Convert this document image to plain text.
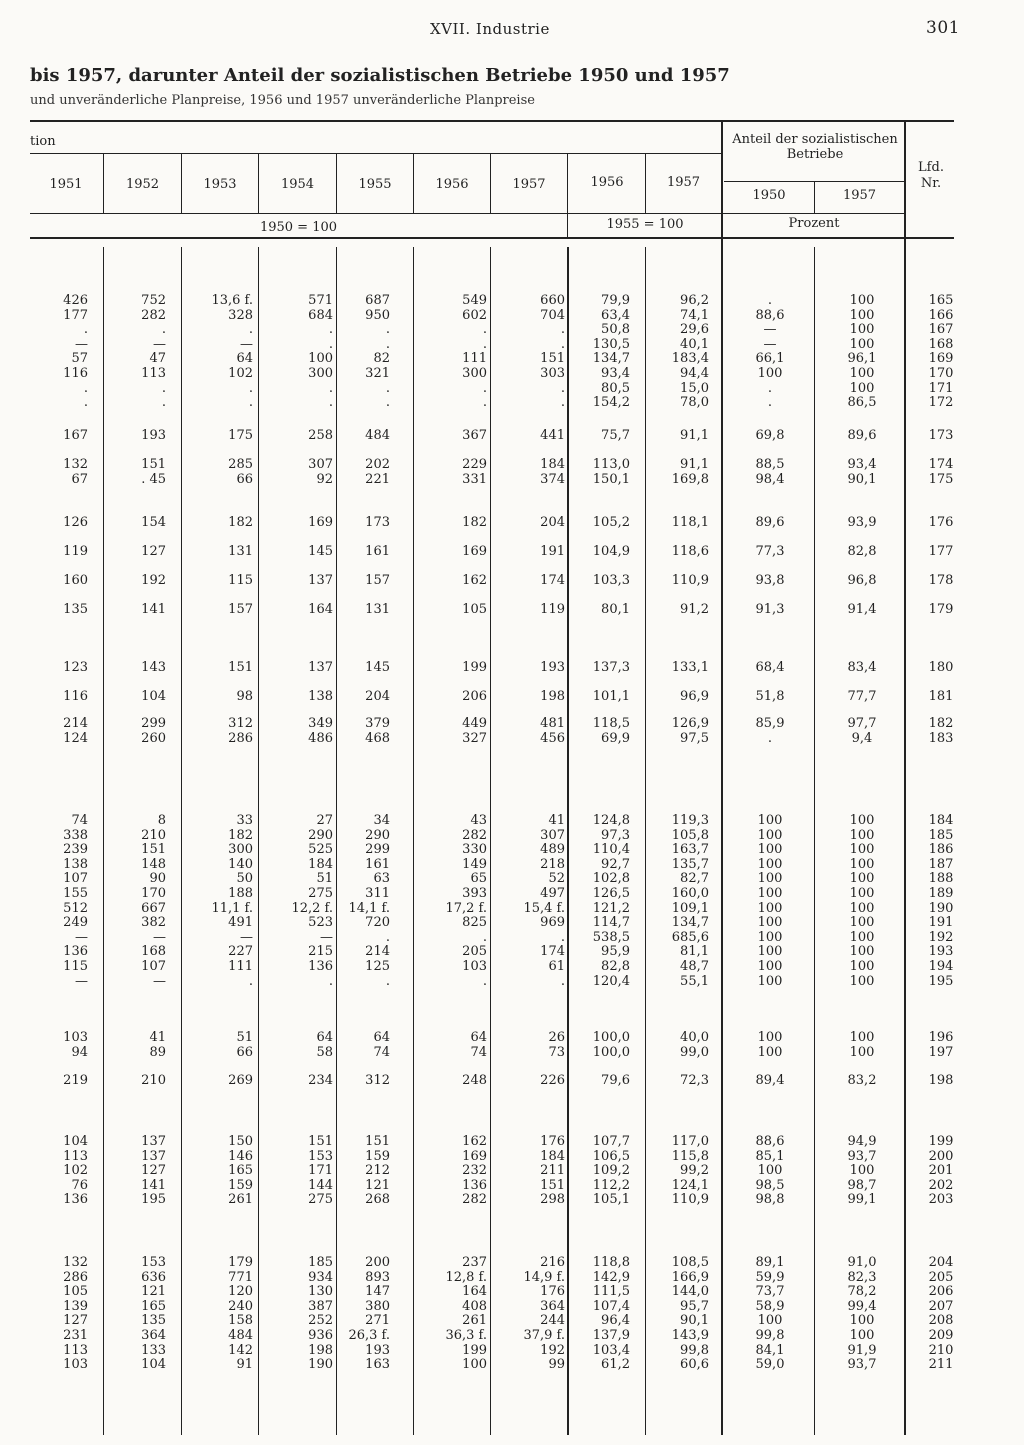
XVII. Industrie	301
bis 1957, darunter Anteil der sozialistischen Betriebe 1950 und 1957
und unveränderliche Planpreise, 1956 und 1957 unveränderliche Planpreise
tion	Anteil der sozialistischen Betriebe
Lfd. Nr.
1951	1952	1953	1954	1955	1956	1957	1956	1957
1950	1957
1950 = 100	1955 = 100	Prozent
426	752	13,6 f.	571	687	549	660	79,9	96,2	.	100	165
177	282	328	684	950	602	704	63,4	74,1	88,6	100	166
.	.	.	.	.	.	.	50,8	29,6	—	100	167
—	—	—	.	.	.	.	130,5	40,1	—	100	168
57	47	64	100	82	111	151	134,7	183,4	66,1	96,1	169
116	113	102	300	321	300	303	93,4	94,4	100	100	170
.	.	.	.	.	.	.	80,5	15,0	.	100	171
.	.	.	.	.	.	.	154,2	78,0	.	86,5	172
167	193	175	258	484	367	441	75,7	91,1	69,8	89,6	173
132	151	285	307	202	229	184	113,0	91,1	88,5	93,4	174
67	. 45	66	92	221	331	374	150,1	169,8	98,4	90,1	175
126	154	182	169	173	182	204	105,2	118,1	89,6	93,9	176
119	127	131	145	161	169	191	104,9	118,6	77,3	82,8	177
160	192	115	137	157	162	174	103,3	110,9	93,8	96,8	178
135	141	157	164	131	105	119	80,1	91,2	91,3	91,4	179
123	143	151	137	145	199	193	137,3	133,1	68,4	83,4	180
116	104	98	138	204	206	198	101,1	96,9	51,8	77,7	181
214	299	312	349	379	449	481	118,5	126,9	85,9	97,7	182
124	260	286	486	468	327	456	69,9	97,5	.	9,4	183
74	8	33	27	34	43	41	124,8	119,3	100	100	184
338	210	182	290	290	282	307	97,3	105,8	100	100	185
239	151	300	525	299	330	489	110,4	163,7	100	100	186
138	148	140	184	161	149	218	92,7	135,7	100	100	187
107	90	50	51	63	65	52	102,8	82,7	100	100	188
155	170	188	275	311	393	497	126,5	160,0	100	100	189
512	667	11,1 f.	12,2 f.	14,1 f.	17,2 f.	15,4 f.	121,2	109,1	100	100	190
249	382	491	523	720	825	969	114,7	134,7	100	100	191
—	—	—	—	.	.	.	538,5	685,6	100	100	192
136	168	227	215	214	205	174	95,9	81,1	100	100	193
115	107	111	136	125	103	61	82,8	48,7	100	100	194
—	—	.	.	.	.	.	120,4	55,1	100	100	195
103	41	51	64	64	64	26	100,0	40,0	100	100	196
94	89	66	58	74	74	73	100,0	99,0	100	100	197
219	210	269	234	312	248	226	79,6	72,3	89,4	83,2	198
104	137	150	151	151	162	176	107,7	117,0	88,6	94,9	199
113	137	146	153	159	169	184	106,5	115,8	85,1	93,7	200
102	127	165	171	212	232	211	109,2	99,2	100	100	201
76	141	159	144	121	136	151	112,2	124,1	98,5	98,7	202
136	195	261	275	268	282	298	105,1	110,9	98,8	99,1	203
132	153	179	185	200	237	216	118,8	108,5	89,1	91,0	204
286	636	771	934	893	12,8 f.	14,9 f.	142,9	166,9	59,9	82,3	205
105	121	120	130	147	164	176	111,5	144,0	73,7	78,2	206
139	165	240	387	380	408	364	107,4	95,7	58,9	99,4	207
127	135	158	252	271	261	244	96,4	90,1	100	100	208
231	364	484	936	26,3 f.	36,3 f.	37,9 f.	137,9	143,9	99,8	100	209
113	133	142	198	193	199	192	103,4	99,8	84,1	91,9	210
103	104	91	190	163	100	99	61,2	60,6	59,0	93,7	211
